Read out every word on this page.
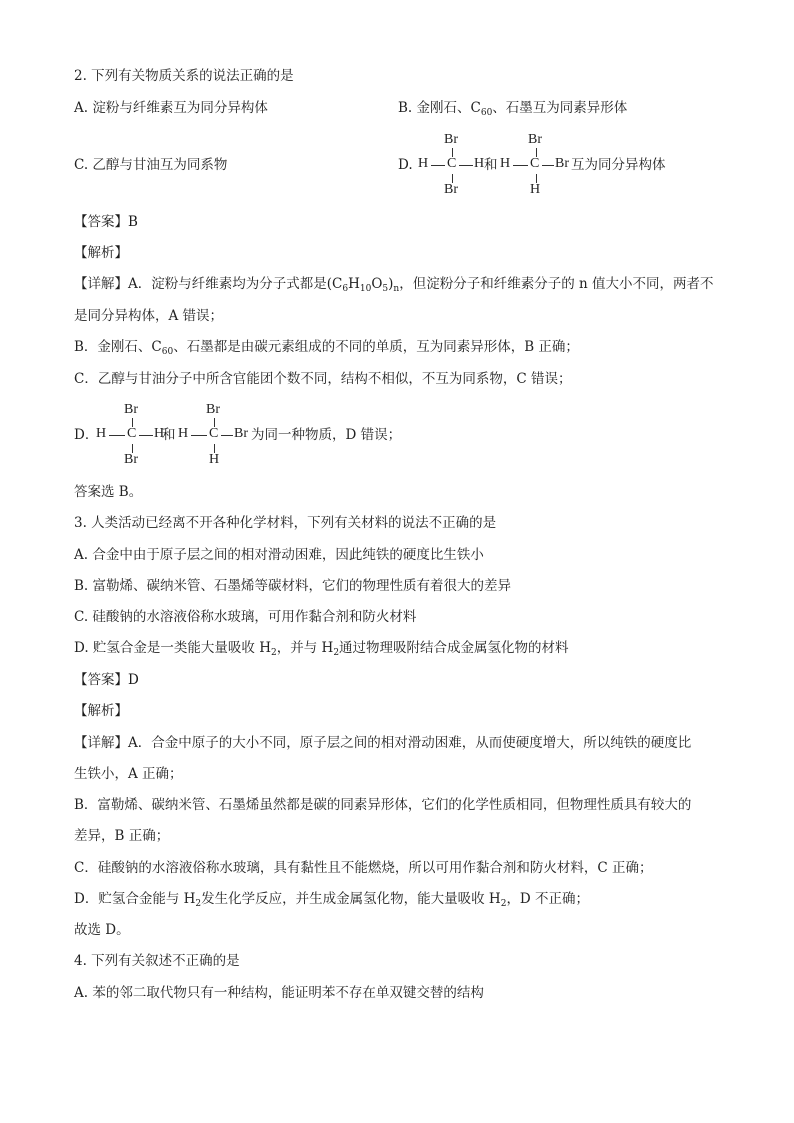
2. 下列有关物质关系的说法正确的是
A. 淀粉与纤维素互为同分异构体	B. 金刚石、$C_{60}$、石墨互为同素异形体
C. 乙醇与甘油互为同系物	D.
Br
H C H
Br
和
Br
H C Br
H
互为同分异构体
【答案】B
【解析】
【详解】A．淀粉与纤维素均为分子式都是$(C_6H_{10}O_5)_n$，但淀粉分子和纤维素分子的 n 值大小不同，两者不
是同分异构体，A 错误；
B．金刚石、$C_{60}$、石墨都是由碳元素组成的不同的单质，互为同素异形体，B 正确；
C．乙醇与甘油分子中所含官能团个数不同，结构不相似，不互为同系物，C 错误；
D．
Br
H C H
Br
和
Br
H C Br
H
为同一种物质，D 错误；
答案选 B。
3. 人类活动已经离不开各种化学材料，下列有关材料的说法不正确的是
A. 合金中由于原子层之间的相对滑动困难，因此纯铁的硬度比生铁小
B. 富勒烯、碳纳米管、石墨烯等碳材料，它们的物理性质有着很大的差异
C. 硅酸钠的水溶液俗称水玻璃，可用作黏合剂和防火材料
D. 贮氢合金是一类能大量吸收 $H_2$，并与 $H_2$通过物理吸附结合成金属氢化物的材料
【答案】D
【解析】
【详解】A．合金中原子的大小不同，原子层之间的相对滑动困难，从而使硬度增大，所以纯铁的硬度比
生铁小，A 正确；
B．富勒烯、碳纳米管、石墨烯虽然都是碳的同素异形体，它们的化学性质相同，但物理性质具有较大的
差异，B 正确；
C．硅酸钠的水溶液俗称水玻璃，具有黏性且不能燃烧，所以可用作黏合剂和防火材料，C 正确；
D．贮氢合金能与 $H_2$发生化学反应，并生成金属氢化物，能大量吸收 $H_2$，D 不正确；
故选 D。
4. 下列有关叙述不正确的是
A. 苯的邻二取代物只有一种结构，能证明苯不存在单双键交替的结构
